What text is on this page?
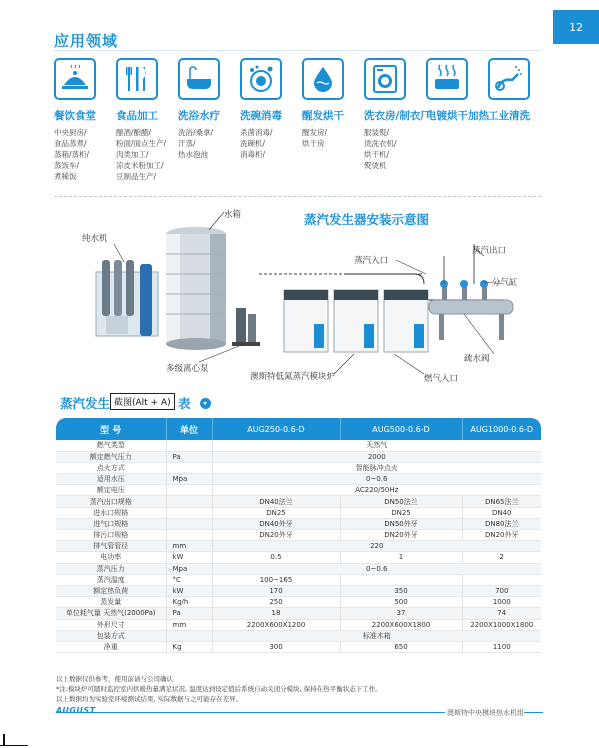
12
应用领域
餐饮食堂
中央厨房/
食品蒸煮/
蒸箱/蒸柜/
蒸饭车/
煮稀饭
食品加工
酿酒/酿醋/
粉面/面点生产/
肉类加工/
凉皮米粉加工/
豆制品生产/
洗浴水疗
洗浴/桑拿/
汗蒸/
热水泡池
洗碗消毒
杀菌消毒/
洗碗机/
消毒柜/
醒发烘干
醒发房/
烘干房
洗衣房/制衣厂
服装熨/
烫洗衣机/
烘干机/
熨烫机
电镀烘干加热 工业清洗
蒸汽发生器安装示意图
水箱
纯水机
多级离心泵
澳斯特低氮蒸汽模块炉
蒸汽入口
蒸汽出口
分气缸
疏水阀
燃气入口
蒸汽发生 截图(Alt + A) 表
型 号	单位	AUG250-0.6-D	AUG500-0.6-D	AUG1000-0.6-D
燃气类型		天然气		
额定燃气压力	Pa	2000		
点火方式		智能脉冲点火		
适用水压	Mpa	0~0.6		
额定电压		AC220/50Hz		
蒸汽出口规格		DN40法兰	DN50法兰	DN65法兰
进水口规格		DN25	DN25	DN40
进气口规格		DN40外牙	DN50外牙	DN80法兰
排污口规格		DN20外牙	DN20外牙	DN20外牙
排气管管径	mm	220		
电功率	kW	0.5	1	2
蒸汽压力	Mpa	0~0.6		
蒸汽温度	°C	100~165		
额定热负荷	kW	170	350	700
蒸发量	Kg/h	250	500	1000
单位耗气量 天然气(2000Pa)	Pa	18	37	74
外形尺寸	mm	2200X600X1200	2200X600X1800	2200X1000X1800
包装方式		标准木箱		
净重	Kg	300	650	1100
以上数据仅供参考，使用前请与公司确认
*注:模块炉可随时监控室内供暖热量满足状况, 温度达到设定值后系统自动关闭分模块, 保持在热平衡状态下工作。
以上数据均为实验室环境测试结果, 实际数据与之可能存在差异。
AUGUST	澳斯特中央模块热水机组
